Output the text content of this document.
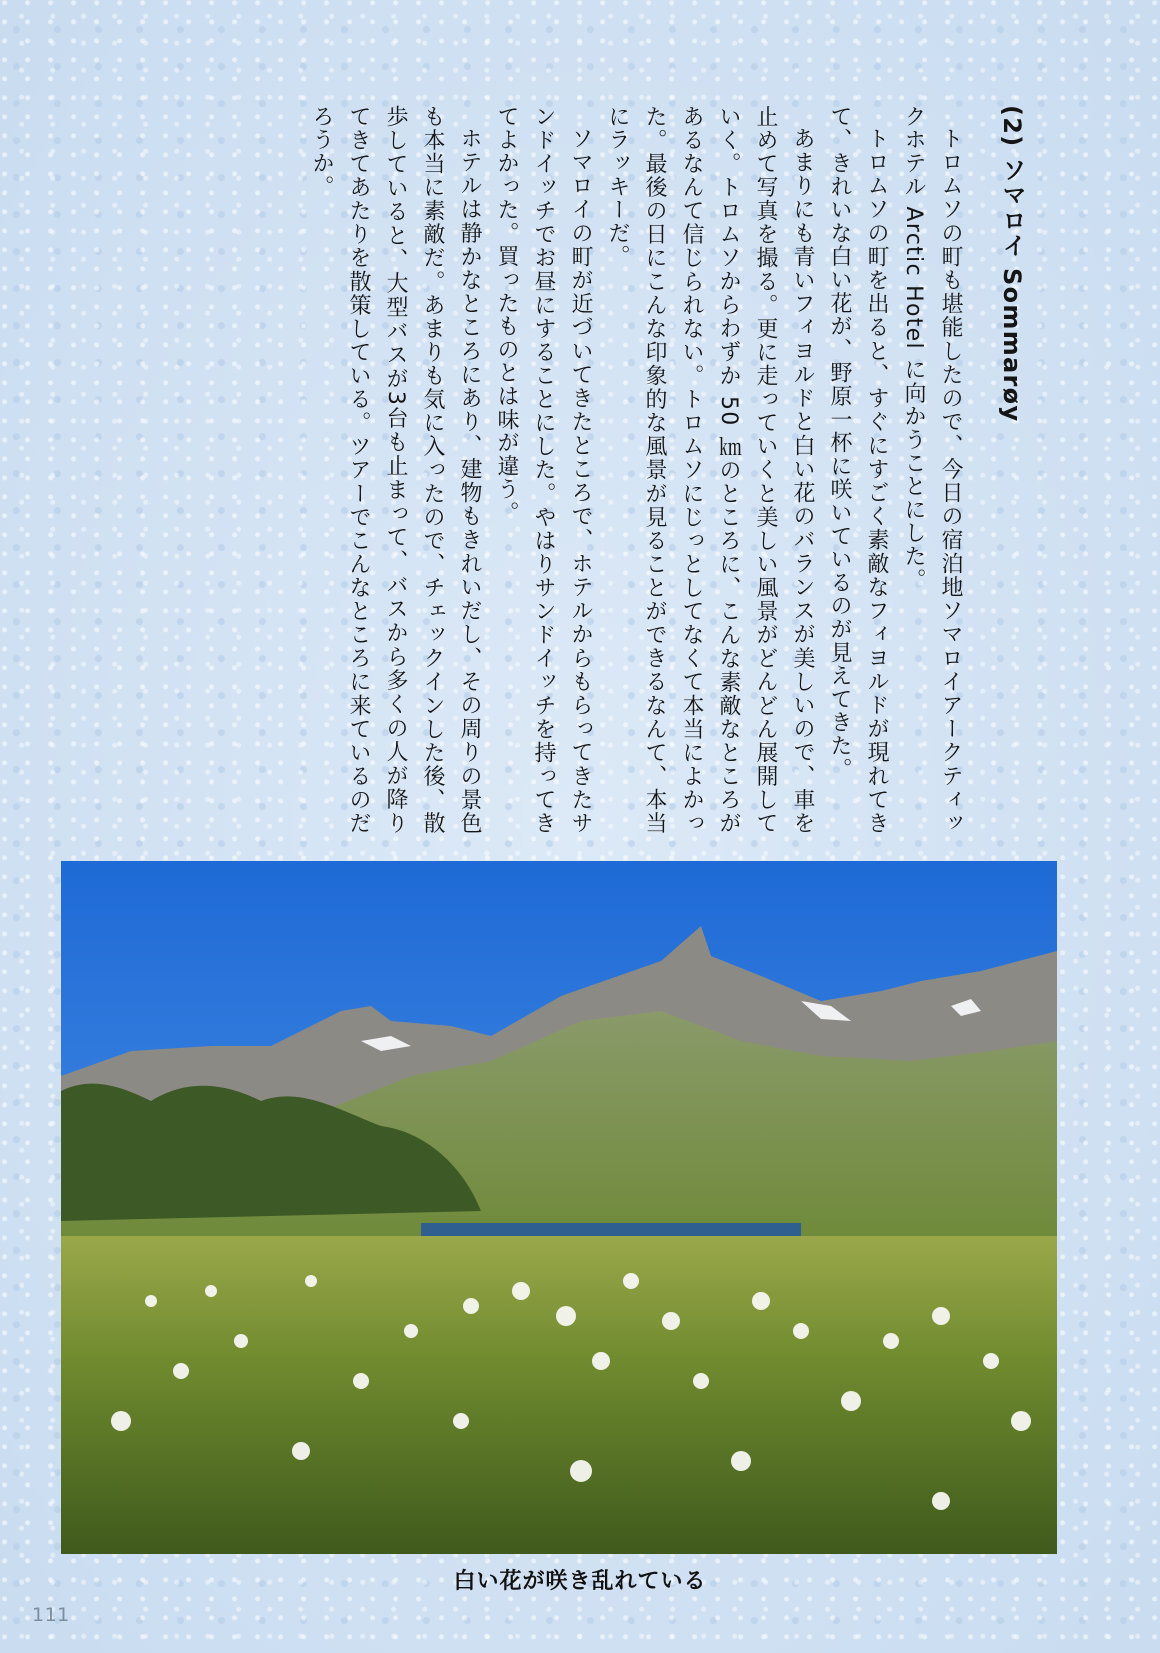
(2) ソマロイ Sommarøy

トロムソの町も堪能したので、今日の宿泊地ソマロイアークティックホテル Arctic Hotel に向かうことにした。

トロムソの町を出ると、すぐにすごく素敵なフィヨルドが現れてきて、きれいな白い花が、野原一杯に咲いているのが見えてきた。

あまりにも青いフィヨルドと白い花のバランスが美しいので、車を止めて写真を撮る。更に走っていくと美しい風景がどんどん展開していく。トロムソからわずか 50 ㎞のところに、こんな素敵なところがあるなんて信じられない。トロムソにじっとしてなくて本当によかった。最後の日にこんな印象的な風景が見ることができるなんて、本当にラッキーだ。

ソマロイの町が近づいてきたところで、ホテルからもらってきたサンドイッチでお昼にすることにした。やはりサンドイッチを持ってきてよかった。買ったものとは味が違う。

ホテルは静かなところにあり、建物もきれいだし、その周りの景色も本当に素敵だ。あまりも気に入ったので、チェックインした後、散歩していると、大型バスが3台も止まって、バスから多くの人が降りてきてあたりを散策している。ツアーでこんなところに来ているのだろうか。

白い花が咲き乱れている
111
